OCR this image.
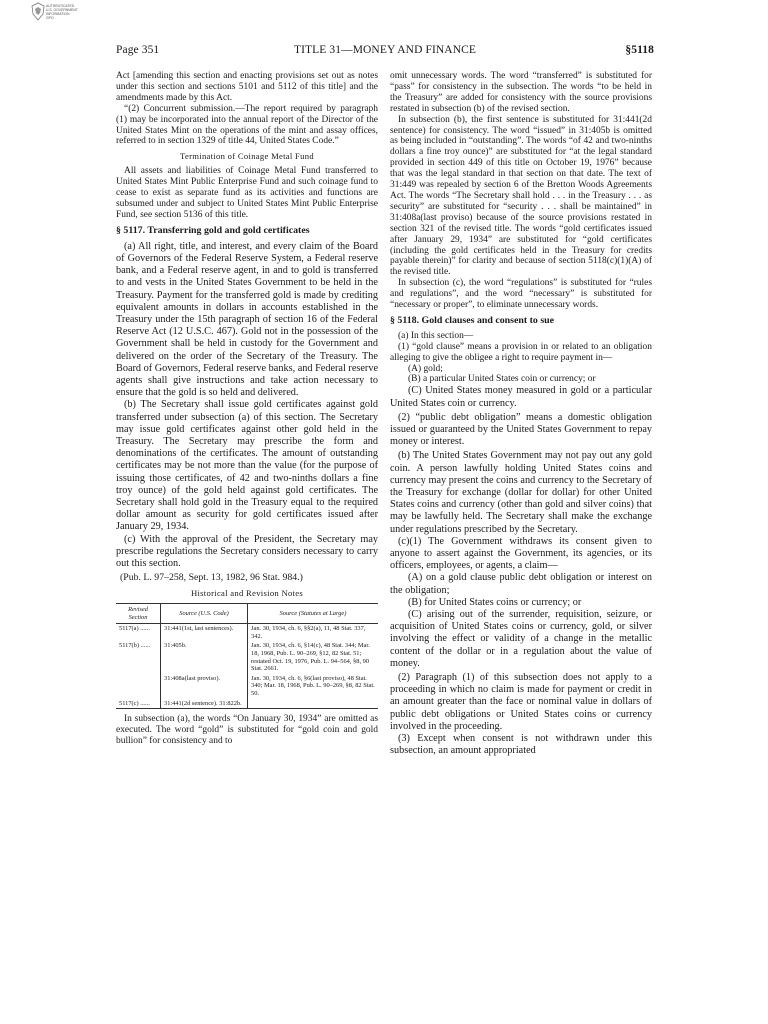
AUTHENTICATED
U.S. GOVERNMENT
INFORMATION
GPO
Page 351	TITLE 31—MONEY AND FINANCE	§5118

Act [amending this section and enacting provisions set out as notes under this section and sections 5101 and 5112 of this title] and the amendments made by this Act.

“(2) Concurrent submission.—The report required by paragraph (1) may be incorporated into the annual report of the Director of the United States Mint on the operations of the mint and assay offices, referred to in section 1329 of title 44, United States Code.”

Termination of Coinage Metal Fund

All assets and liabilities of Coinage Metal Fund transferred to United States Mint Public Enterprise Fund and such coinage fund to cease to exist as separate fund as its activities and functions are subsumed under and subject to United States Mint Public Enterprise Fund, see section 5136 of this title.

§ 5117. Transferring gold and gold certificates

(a) All right, title, and interest, and every claim of the Board of Governors of the Federal Reserve System, a Federal reserve bank, and a Federal reserve agent, in and to gold is transferred to and vests in the United States Government to be held in the Treasury. Payment for the transferred gold is made by crediting equivalent amounts in dollars in accounts established in the Treasury under the 15th paragraph of section 16 of the Federal Reserve Act (12 U.S.C. 467). Gold not in the possession of the Government shall be held in custody for the Government and delivered on the order of the Secretary of the Treasury. The Board of Governors, Federal reserve banks, and Federal reserve agents shall give instructions and take action necessary to ensure that the gold is so held and delivered.

(b) The Secretary shall issue gold certificates against gold transferred under subsection (a) of this section. The Secretary may issue gold certificates against other gold held in the Treasury. The Secretary may prescribe the form and denominations of the certificates. The amount of outstanding certificates may be not more than the value (for the purpose of issuing those certificates, of 42 and two-ninths dollars a fine troy ounce) of the gold held against gold certificates. The Secretary shall hold gold in the Treasury equal to the required dollar amount as security for gold certificates issued after January 29, 1934.

(c) With the approval of the President, the Secretary may prescribe regulations the Secretary considers necessary to carry out this section.

(Pub. L. 97–258, Sept. 13, 1982, 96 Stat. 984.)

Historical and Revision Notes

Revised Section	Source (U.S. Code)	Source (Statutes at Large)
5117(a) ......	31:441(1st, last sentences).	Jan. 30, 1934, ch. 6, §§2(a), 11, 48 Stat. 337, 342.
5117(b) ......	31:405b.	Jan. 30, 1934, ch. 6, §14(c), 48 Stat. 344; Mar. 18, 1968, Pub. L. 90–269, §12, 82 Stat. 51; restated Oct. 19, 1976, Pub. L. 94–564, §8, 90 Stat. 2661.
	31:408a(last proviso).	Jan. 30, 1934, ch. 6, §6(last proviso), 48 Stat. 340; Mar. 18, 1968, Pub. L. 90–269, §8, 82 Stat. 50.
5117(c) ......	31:441(2d sentence). 31:822b.	

In subsection (a), the words “On January 30, 1934” are omitted as executed. The word “gold” is substituted for “gold coin and gold bullion” for consistency and to

omit unnecessary words. The word “transferred” is substituted for “pass” for consistency in the subsection. The words “to be held in the Treasury” are added for consistency with the source provisions restated in subsection (b) of the revised section.

In subsection (b), the first sentence is substituted for 31:441(2d sentence) for consistency. The word “issued” in 31:405b is omitted as being included in “outstanding”. The words “of 42 and two-ninths dollars a fine troy ounce)” are substituted for “at the legal standard provided in section 449 of this title on October 19, 1976” because that was the legal standard in that section on that date. The text of 31:449 was repealed by section 6 of the Bretton Woods Agreements Act. The words “The Secretary shall hold . . . in the Treasury . . . as security” are substituted for “security . . . shall be maintained” in 31:408a(last proviso) because of the source provisions restated in section 321 of the revised title. The words “gold certificates issued after January 29, 1934” are substituted for “gold certificates (including the gold certificates held in the Treasury for credits payable therein)” for clarity and because of section 5118(c)(1)(A) of the revised title.

In subsection (c), the word “regulations” is substituted for “rules and regulations”, and the word “necessary” is substituted for “necessary or proper”, to eliminate unnecessary words.

§ 5118. Gold clauses and consent to sue

(a) In this section—

(1) “gold clause” means a provision in or related to an obligation alleging to give the obligee a right to require payment in—

(A) gold;

(B) a particular United States coin or currency; or

(C) United States money measured in gold or a particular United States coin or currency.

(2) “public debt obligation” means a domestic obligation issued or guaranteed by the United States Government to repay money or interest.

(b) The United States Government may not pay out any gold coin. A person lawfully holding United States coins and currency may present the coins and currency to the Secretary of the Treasury for exchange (dollar for dollar) for other United States coins and currency (other than gold and silver coins) that may be lawfully held. The Secretary shall make the exchange under regulations prescribed by the Secretary.

(c)(1) The Government withdraws its consent given to anyone to assert against the Government, its agencies, or its officers, employees, or agents, a claim—

(A) on a gold clause public debt obligation or interest on the obligation;

(B) for United States coins or currency; or

(C) arising out of the surrender, requisition, seizure, or acquisition of United States coins or currency, gold, or silver involving the effect or validity of a change in the metallic content of the dollar or in a regulation about the value of money.

(2) Paragraph (1) of this subsection does not apply to a proceeding in which no claim is made for payment or credit in an amount greater than the face or nominal value in dollars of public debt obligations or United States coins or currency involved in the proceeding.

(3) Except when consent is not withdrawn under this subsection, an amount appropriated
